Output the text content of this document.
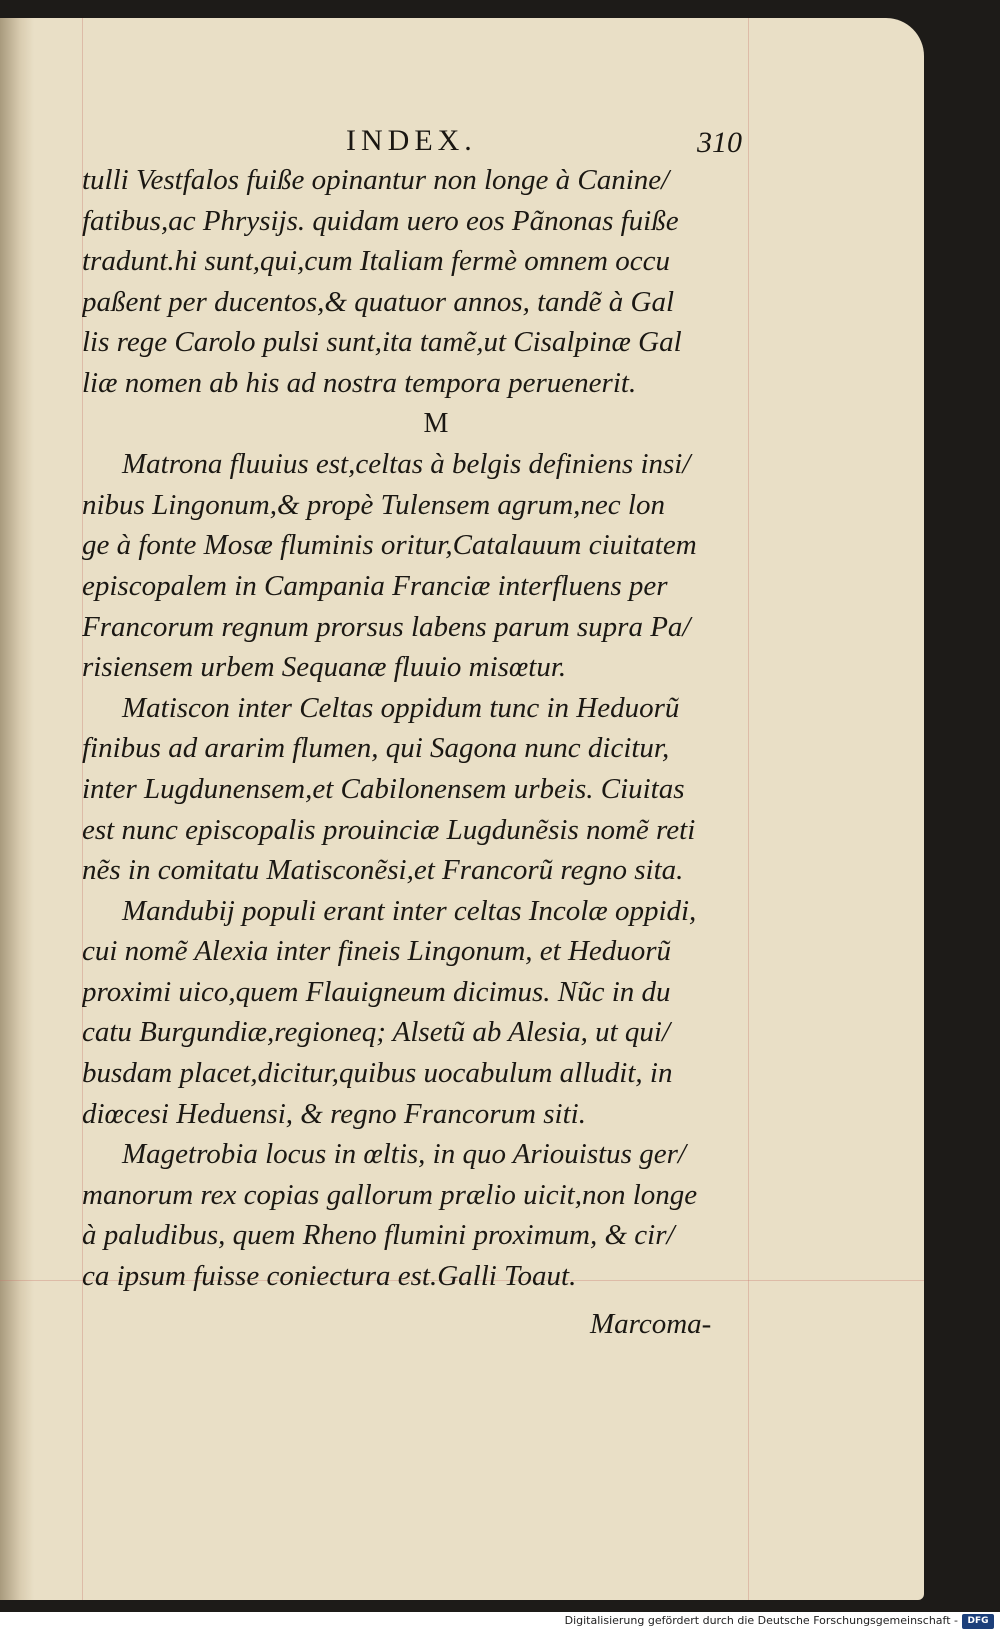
INDEX.	310
tulli Vestfalos fuiße opinantur non longe à Canine/
fatibus,ac Phrysijs. quidam uero eos Pãnonas fuiße
tradunt.hi sunt,qui,cum Italiam fermè omnem occu
paßent per ducentos,& quatuor annos, tandẽ à Gal
lis rege Carolo pulsi sunt,ita tamẽ,ut Cisalpinæ Gal
liæ nomen ab his ad nostra tempora peruenerit.
M
Matrona fluuius est,celtas à belgis definiens insi/
nibus Lingonum,& propè Tulensem agrum,nec lon
ge à fonte Mosæ fluminis oritur,Catalauum ciuitatem
episcopalem in Campania Franciæ interfluens per
Francorum regnum prorsus labens parum supra Pa/
risiensem urbem Sequanæ fluuio misœtur.
Matiscon inter Celtas oppidum tunc in Heduorũ
finibus ad ararim flumen, qui Sagona nunc dicitur,
inter Lugdunensem,et Cabilonensem urbeis. Ciuitas
est nunc episcopalis prouinciæ Lugdunẽsis nomẽ reti
nẽs in comitatu Matisconẽsi,et Francorũ regno sita.
Mandubij populi erant inter celtas Incolæ oppidi,
cui nomẽ Alexia inter fineis Lingonum, et Heduorũ
proximi uico,quem Flauigneum dicimus. Nũc in du
catu Burgundiæ,regioneq; Alsetũ ab Alesia, ut qui/
busdam placet,dicitur,quibus uocabulum alludit, in
diœcesi Heduensi, & regno Francorum siti.
Magetrobia locus in œltis, in quo Ariouistus ger/
manorum rex copias gallorum prælio uicit,non longe
à paludibus, quem Rheno flumini proximum, & cir/
ca ipsum fuisse coniectura est.Galli Toaut.
Marcoma-
Digitalisierung gefördert durch die Deutsche Forschungsgemeinschaft -	DFG
